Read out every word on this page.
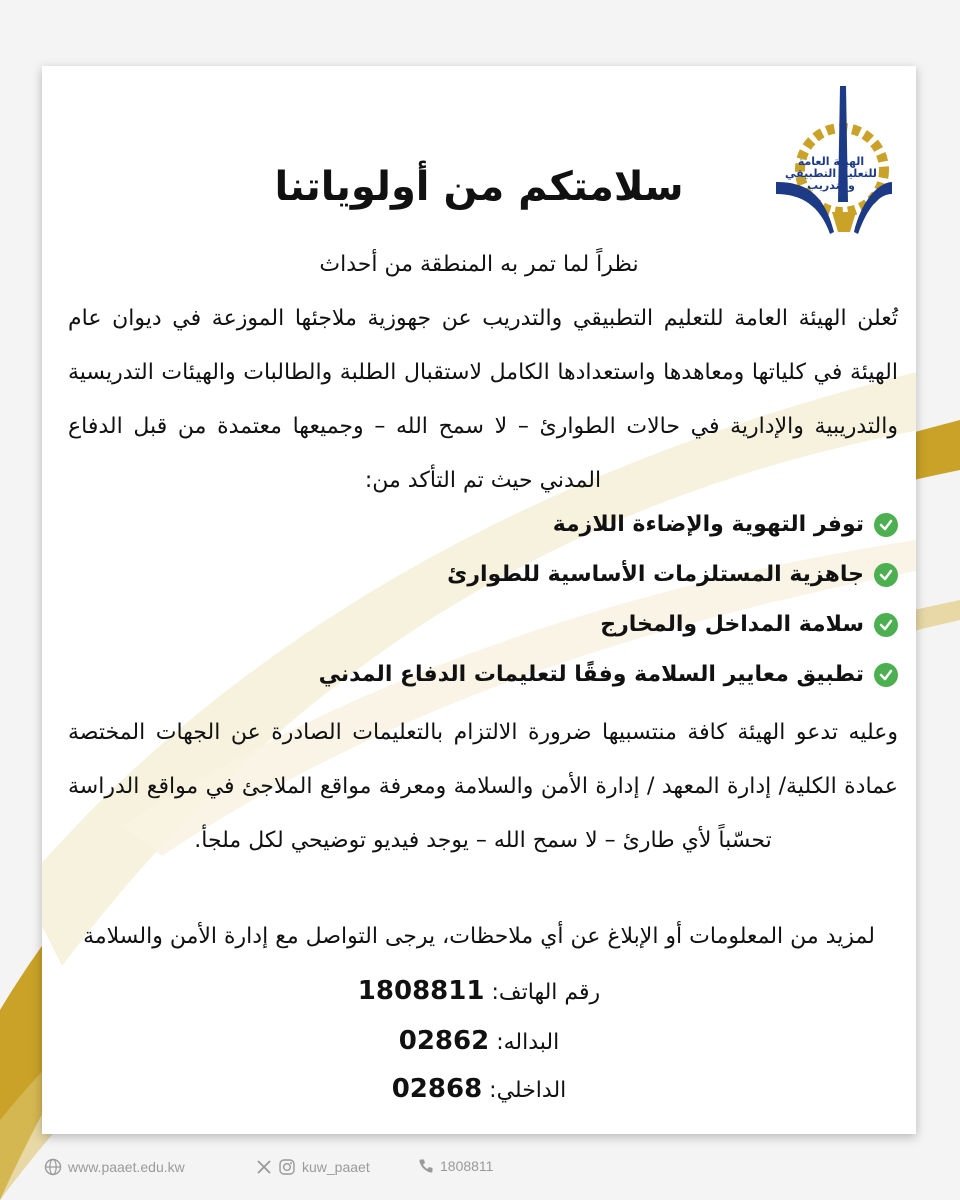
الهيئة العامة
للتعليم التطبيقي والتدريب
سلامتكم من أولوياتنا
نظراً لما تمر به المنطقة من أحداث
تُعلن الهيئة العامة للتعليم التطبيقي والتدريب عن جهوزية ملاجئها الموزعة في ديوان عام الهيئة في كلياتها ومعاهدها واستعدادها الكامل لاستقبال الطلبة والطالبات والهيئات التدريسية والتدريبية والإدارية في حالات الطوارئ – لا سمح الله – وجميعها معتمدة من قبل الدفاع المدني حيث تم التأكد من:
توفر التهوية والإضاءة اللازمة
جاهزية المستلزمات الأساسية للطوارئ
سلامة المداخل والمخارج
تطبيق معايير السلامة وفقًا لتعليمات الدفاع المدني
وعليه تدعو الهيئة كافة منتسبيها ضرورة الالتزام بالتعليمات الصادرة عن الجهات المختصة عمادة الكلية/ إدارة المعهد / إدارة الأمن والسلامة ومعرفة مواقع الملاجئ في مواقع الدراسة تحسّباً لأي طارئ – لا سمح الله – يوجد فيديو توضيحي لكل ملجأ.
لمزيد من المعلومات أو الإبلاغ عن أي ملاحظات، يرجى التواصل مع إدارة الأمن والسلامة
رقم الهاتف: 1808811
البداله: 02862
الداخلي: 02868
www.paaet.edu.kw	kuw_paaet	1808811
